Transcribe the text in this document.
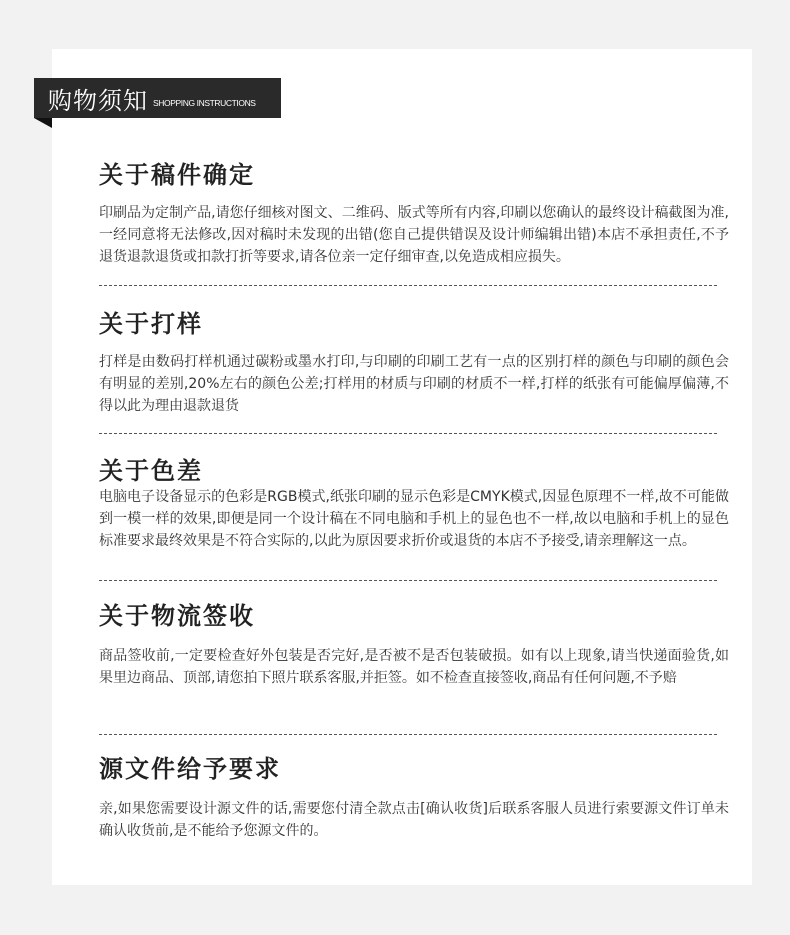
购物须知 SHOPPING INSTRUCTIONS
关于稿件确定

印刷品为定制产品,请您仔细核对图文、二维码、版式等所有内容,印刷以您确认的最终设计稿截图为准,一经同意将无法修改,因对稿时未发现的出错(您自己提供错误及设计师编辑出错)本店不承担责任,不予退货退款退货或扣款打折等要求,请各位亲一定仔细审查,以免造成相应损失。

关于打样

打样是由数码打样机通过碳粉或墨水打印,与印刷的印刷工艺有一点的区别打样的颜色与印刷的颜色会有明显的差别,20%左右的颜色公差;打样用的材质与印刷的材质不一样,打样的纸张有可能偏厚偏薄,不得以此为理由退款退货

关于色差

电脑电子设备显示的色彩是RGB模式,纸张印刷的显示色彩是CMYK模式,因显色原理不一样,故不可能做到一模一样的效果,即便是同一个设计稿在不同电脑和手机上的显色也不一样,故以电脑和手机上的显色标准要求最终效果是不符合实际的,以此为原因要求折价或退货的本店不予接受,请亲理解这一点。

关于物流签收

商品签收前,一定要检查好外包装是否完好,是否被不是否包装破损。如有以上现象,请当快递面验货,如果里边商品、顶部,请您拍下照片联系客服,并拒签。如不检查直接签收,商品有任何问题,不予赔

源文件给予要求

亲,如果您需要设计源文件的话,需要您付清全款点击[确认收货]后联系客服人员进行索要源文件订单未确认收货前,是不能给予您源文件的。
